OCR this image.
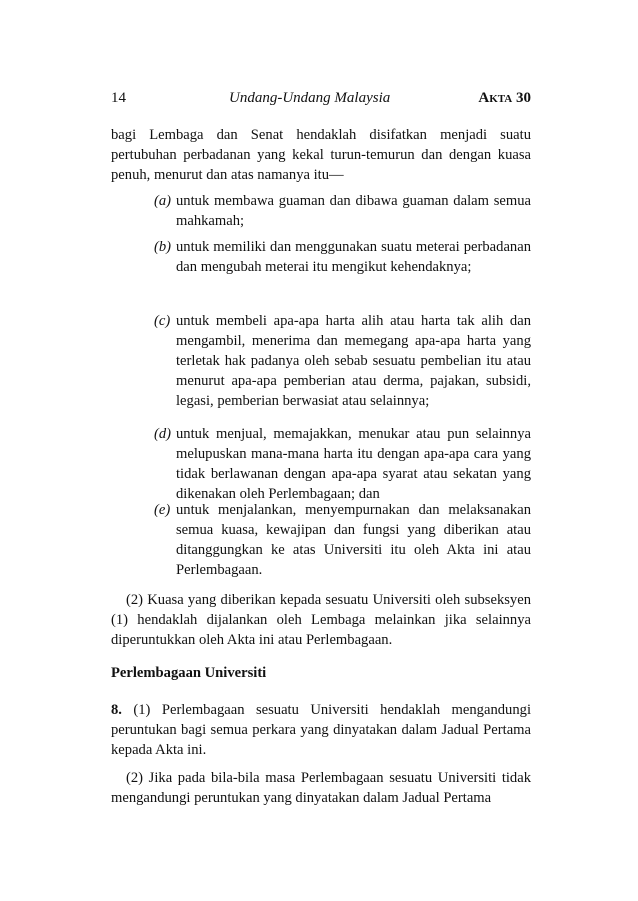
14	Undang-Undang Malaysia	Akta 30
bagi Lembaga dan Senat hendaklah disifatkan menjadi suatu pertubuhan perbadanan yang kekal turun-temurun dan dengan kuasa penuh, menurut dan atas namanya itu—
(a) untuk membawa guaman dan dibawa guaman dalam semua mahkamah;
(b) untuk memiliki dan menggunakan suatu meterai perbadanan dan mengubah meterai itu mengikut kehendaknya;
(c) untuk membeli apa-apa harta alih atau harta tak alih dan mengambil, menerima dan memegang apa-apa harta yang terletak hak padanya oleh sebab sesuatu pembelian itu atau menurut apa-apa pemberian atau derma, pajakan, subsidi, legasi, pemberian berwasiat atau selainnya;
(d) untuk menjual, memajakkan, menukar atau pun selainnya melupuskan mana-mana harta itu dengan apa-apa cara yang tidak berlawanan dengan apa-apa syarat atau sekatan yang dikenakan oleh Perlembagaan; dan
(e) untuk menjalankan, menyempurnakan dan melaksanakan semua kuasa, kewajipan dan fungsi yang diberikan atau ditanggungkan ke atas Universiti itu oleh Akta ini atau Perlembagaan.
(2) Kuasa yang diberikan kepada sesuatu Universiti oleh subseksyen (1) hendaklah dijalankan oleh Lembaga melainkan jika selainnya diperuntukkan oleh Akta ini atau Perlembagaan.
Perlembagaan Universiti
8. (1) Perlembagaan sesuatu Universiti hendaklah mengandungi peruntukan bagi semua perkara yang dinyatakan dalam Jadual Pertama kepada Akta ini.
(2) Jika pada bila-bila masa Perlembagaan sesuatu Universiti tidak mengandungi peruntukan yang dinyatakan dalam Jadual Pertama
